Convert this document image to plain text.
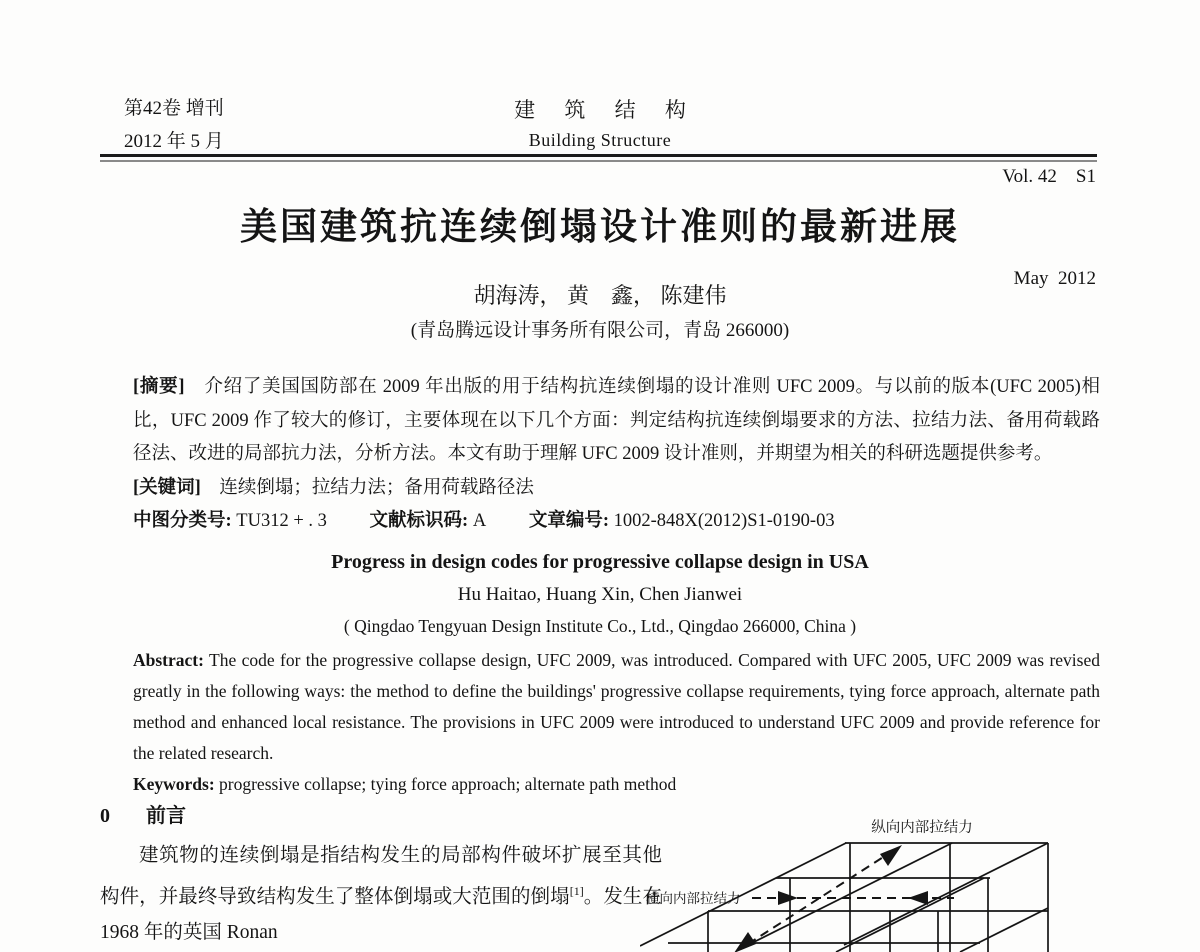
第42卷 增刊
2012 年 5 月
建 筑 结 构
Building Structure

Vol. 42    S1

May  2012

美国建筑抗连续倒塌设计准则的最新进展
胡海涛， 黄　鑫， 陈建伟
(青岛腾远设计事务所有限公司，青岛 266000)

[摘要]　介绍了美国国防部在 2009 年出版的用于结构抗连续倒塌的设计准则 UFC 2009。与以前的版本(UFC 2005)相比，UFC 2009 作了较大的修订，主要体现在以下几个方面：判定结构抗连续倒塌要求的方法、拉结力法、备用荷载路径法、改进的局部抗力法，分析方法。本文有助于理解 UFC 2009 设计准则，并期望为相关的科研选题提供参考。

[关键词]　连续倒塌；拉结力法；备用荷载路径法

中图分类号: TU312 + . 3 文献标识码: A 文章编号: 1002-848X(2012)S1-0190-03

Progress in design codes for progressive collapse design in USA
Hu Haitao, Huang Xin, Chen Jianwei
( Qingdao Tengyuan Design Institute Co., Ltd., Qingdao 266000, China )

Abstract: The code for the progressive collapse design, UFC 2009, was introduced. Compared with UFC 2005, UFC 2009 was revised greatly in the following ways: the method to define the buildings' progressive collapse requirements, tying force approach, alternate path method and enhanced local resistance. The provisions in UFC 2009 were introduced to understand UFC 2009 and provide reference for the related research.

Keywords: progressive collapse; tying force approach; alternate path method

0 前言

建筑物的连续倒塌是指结构发生的局部构件破坏扩展至其他构件，并最终导致结构发生了整体倒塌或大范围的倒塌[1]。发生在 1968 年的英国 Ronan

纵向内部拉结力
横向内部拉结力
